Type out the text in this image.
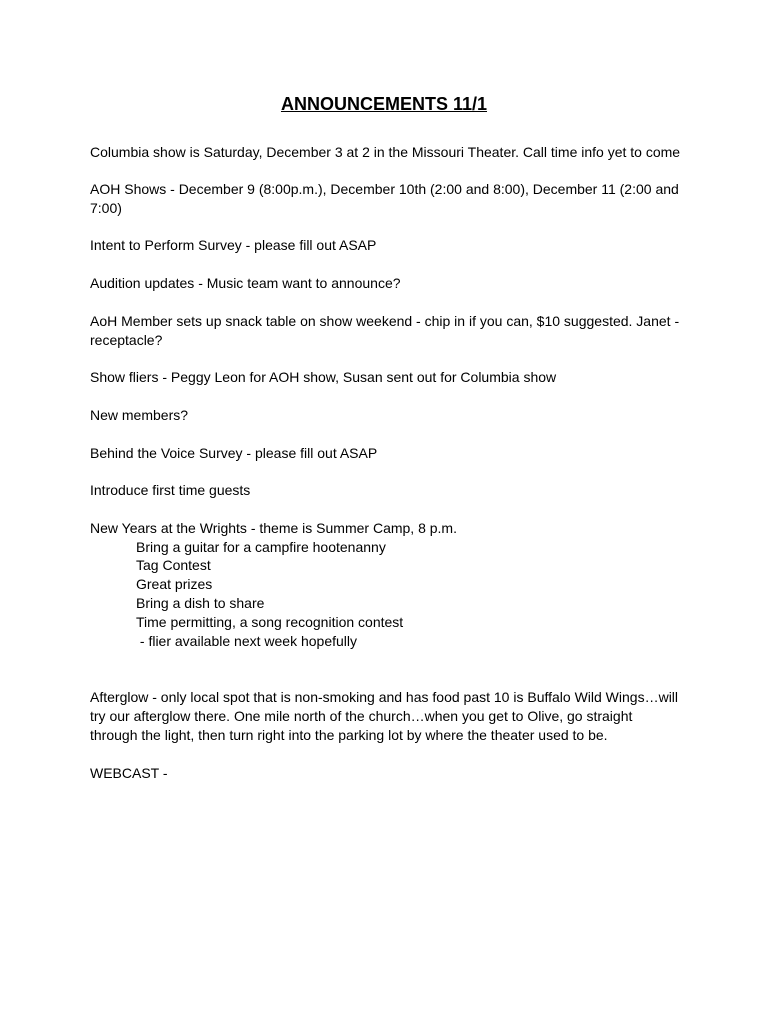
ANNOUNCEMENTS 11/1

Columbia show is Saturday, December 3 at 2 in the Missouri Theater. Call time info yet to come

AOH Shows - December 9 (8:00p.m.), December 10th (2:00 and 8:00), December 11 (2:00 and 7:00)

Intent to Perform Survey - please fill out ASAP

Audition updates - Music team want to announce?

AoH Member sets up snack table on show weekend - chip in if you can, $10 suggested. Janet - receptacle?

Show fliers - Peggy Leon for AOH show, Susan sent out for Columbia show

New members?

Behind the Voice Survey - please fill out ASAP

Introduce first time guests

New Years at the Wrights - theme is Summer Camp, 8 p.m.

Bring a guitar for a campfire hootenanny

Tag Contest

Great prizes

Bring a dish to share

Time permitting, a song recognition contest

- flier available next week hopefully

Afterglow - only local spot that is non-smoking and has food past 10 is Buffalo Wild Wings…will try our afterglow there. One mile north of the church…when you get to Olive, go straight through the light, then turn right into the parking lot by where the theater used to be.

WEBCAST -
